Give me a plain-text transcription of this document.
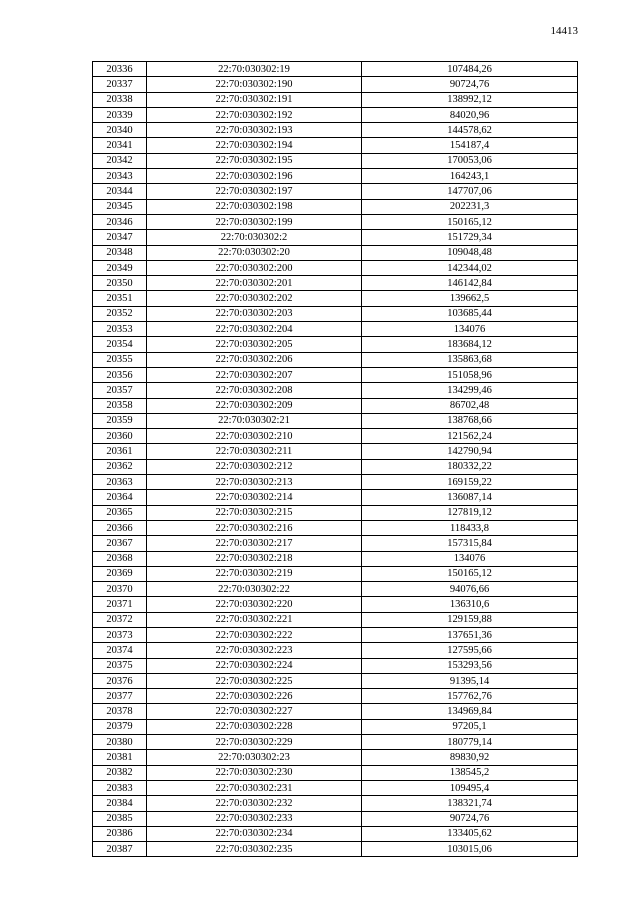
14413
20336	22:70:030302:19	107484,26
20337	22:70:030302:190	90724,76
20338	22:70:030302:191	138992,12
20339	22:70:030302:192	84020,96
20340	22:70:030302:193	144578,62
20341	22:70:030302:194	154187,4
20342	22:70:030302:195	170053,06
20343	22:70:030302:196	164243,1
20344	22:70:030302:197	147707,06
20345	22:70:030302:198	202231,3
20346	22:70:030302:199	150165,12
20347	22:70:030302:2	151729,34
20348	22:70:030302:20	109048,48
20349	22:70:030302:200	142344,02
20350	22:70:030302:201	146142,84
20351	22:70:030302:202	139662,5
20352	22:70:030302:203	103685,44
20353	22:70:030302:204	134076
20354	22:70:030302:205	183684,12
20355	22:70:030302:206	135863,68
20356	22:70:030302:207	151058,96
20357	22:70:030302:208	134299,46
20358	22:70:030302:209	86702,48
20359	22:70:030302:21	138768,66
20360	22:70:030302:210	121562,24
20361	22:70:030302:211	142790,94
20362	22:70:030302:212	180332,22
20363	22:70:030302:213	169159,22
20364	22:70:030302:214	136087,14
20365	22:70:030302:215	127819,12
20366	22:70:030302:216	118433,8
20367	22:70:030302:217	157315,84
20368	22:70:030302:218	134076
20369	22:70:030302:219	150165,12
20370	22:70:030302:22	94076,66
20371	22:70:030302:220	136310,6
20372	22:70:030302:221	129159,88
20373	22:70:030302:222	137651,36
20374	22:70:030302:223	127595,66
20375	22:70:030302:224	153293,56
20376	22:70:030302:225	91395,14
20377	22:70:030302:226	157762,76
20378	22:70:030302:227	134969,84
20379	22:70:030302:228	97205,1
20380	22:70:030302:229	180779,14
20381	22:70:030302:23	89830,92
20382	22:70:030302:230	138545,2
20383	22:70:030302:231	109495,4
20384	22:70:030302:232	138321,74
20385	22:70:030302:233	90724,76
20386	22:70:030302:234	133405,62
20387	22:70:030302:235	103015,06
